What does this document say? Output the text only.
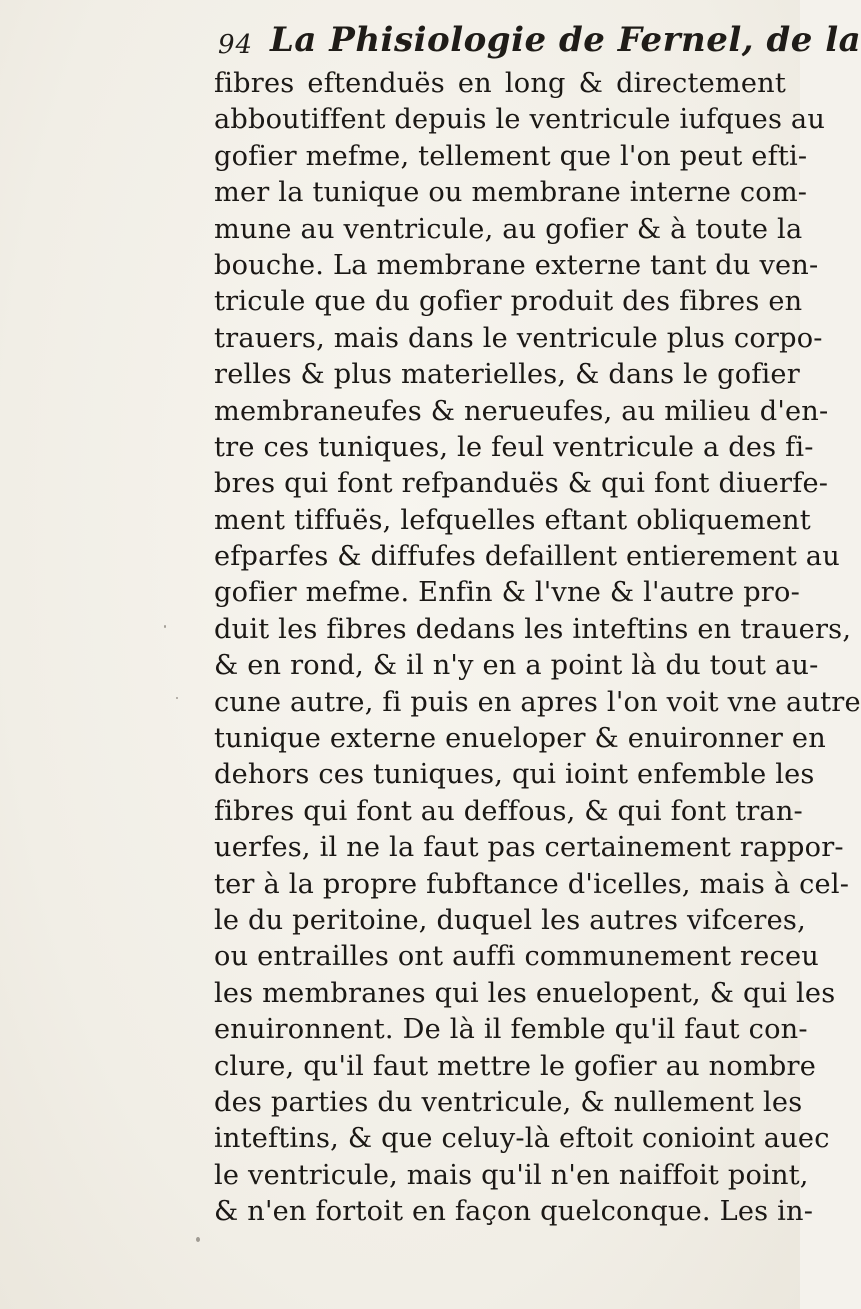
94 La Phisiologie de Fernel, de la
fibres eftenduës en long & directement
abboutiffent depuis le ventricule iufques au
gofier mefme, tellement que l'on peut efti-
mer la tunique ou membrane interne com-
mune au ventricule, au gofier & à toute la
bouche. La membrane externe tant du ven-
tricule que du gofier produit des fibres en
trauers, mais dans le ventricule plus corpo-
relles & plus materielles, & dans le gofier
membraneufes & nerueufes, au milieu d'en-
tre ces tuniques, le feul ventricule a des fi-
bres qui font refpanduës & qui font diuerfe-
ment tiffuës, lefquelles eftant obliquement
efparfes & diffufes defaillent entierement au
gofier mefme. Enfin & l'vne & l'autre pro-
duit les fibres dedans les inteftins en trauers,
& en rond, & il n'y en a point là du tout au-
cune autre, fi puis en apres l'on voit vne autre
tunique externe enueloper & enuironner en
dehors ces tuniques, qui ioint enfemble les
fibres qui font au deffous, & qui font tran-
uerfes, il ne la faut pas certainement rappor-
ter à la propre fubftance d'icelles, mais à cel-
le du peritoine, duquel les autres vifceres,
ou entrailles ont auffi communement receu
les membranes qui les enuelopent, & qui les
enuironnent. De là il femble qu'il faut con-
clure, qu'il faut mettre le gofier au nombre
des parties du ventricule, & nullement les
inteftins, & que celuy-là eftoit conioint auec
le ventricule, mais qu'il n'en naiffoit point,
& n'en fortoit en façon quelconque. Les in-
